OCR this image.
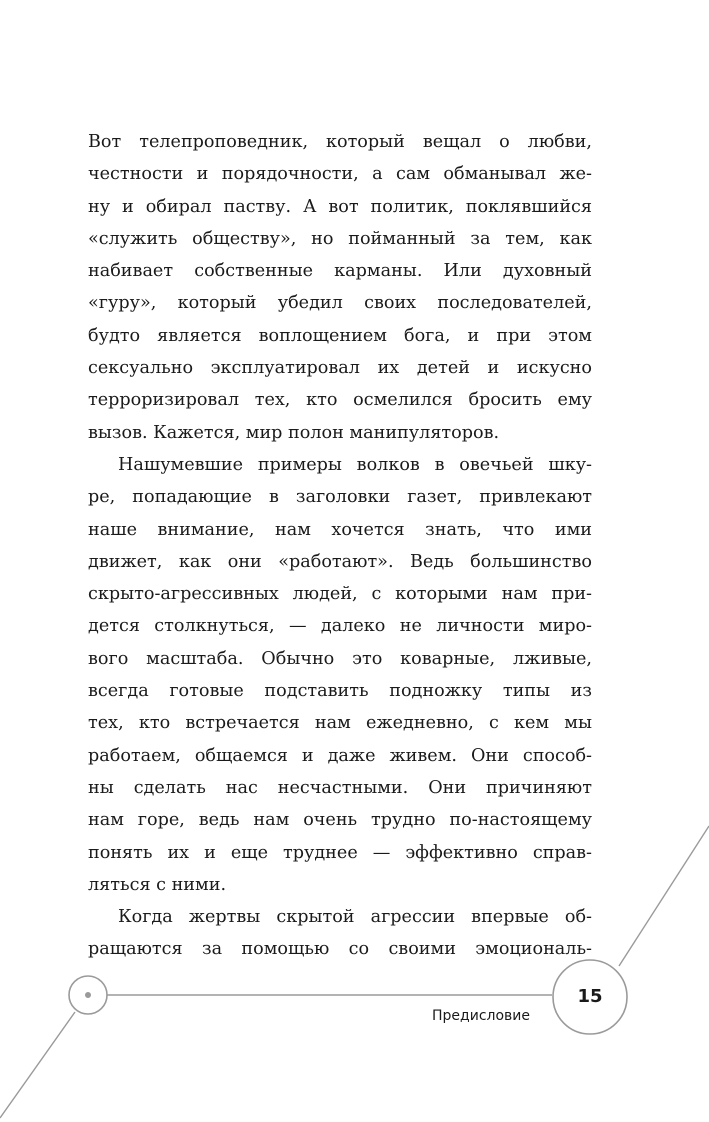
Вот телепроповедник, который вещал о любви,
честности и порядочности, а сам обманывал же-
ну и обирал паству. А вот политик, поклявшийся
«служить обществу», но пойманный за тем, как
набивает собственные карманы. Или духовный
«гуру», который убедил своих последователей,
будто является воплощением бога, и при этом
сексуально эксплуатировал их детей и искусно
терроризировал тех, кто осмелился бросить ему
вызов. Кажется, мир полон манипуляторов.

Нашумевшие примеры волков в овечьей шку-
ре, попадающие в заголовки газет, привлекают
наше внимание, нам хочется знать, что ими
движет, как они «работают». Ведь большинство
скрыто-агрессивных людей, с которыми нам при-
дется столкнуться, — далеко не личности миро-
вого масштаба. Обычно это коварные, лживые,
всегда готовые подставить подножку типы из
тех, кто встречается нам ежедневно, с кем мы
работаем, общаемся и даже живем. Они способ-
ны сделать нас несчастными. Они причиняют
нам горе, ведь нам очень трудно по-настоящему
понять их и еще труднее — эффективно справ-
ляться с ними.

Когда жертвы скрытой агрессии впервые об-
ращаются за помощью со своими эмоциональ-

15
Предисловие
